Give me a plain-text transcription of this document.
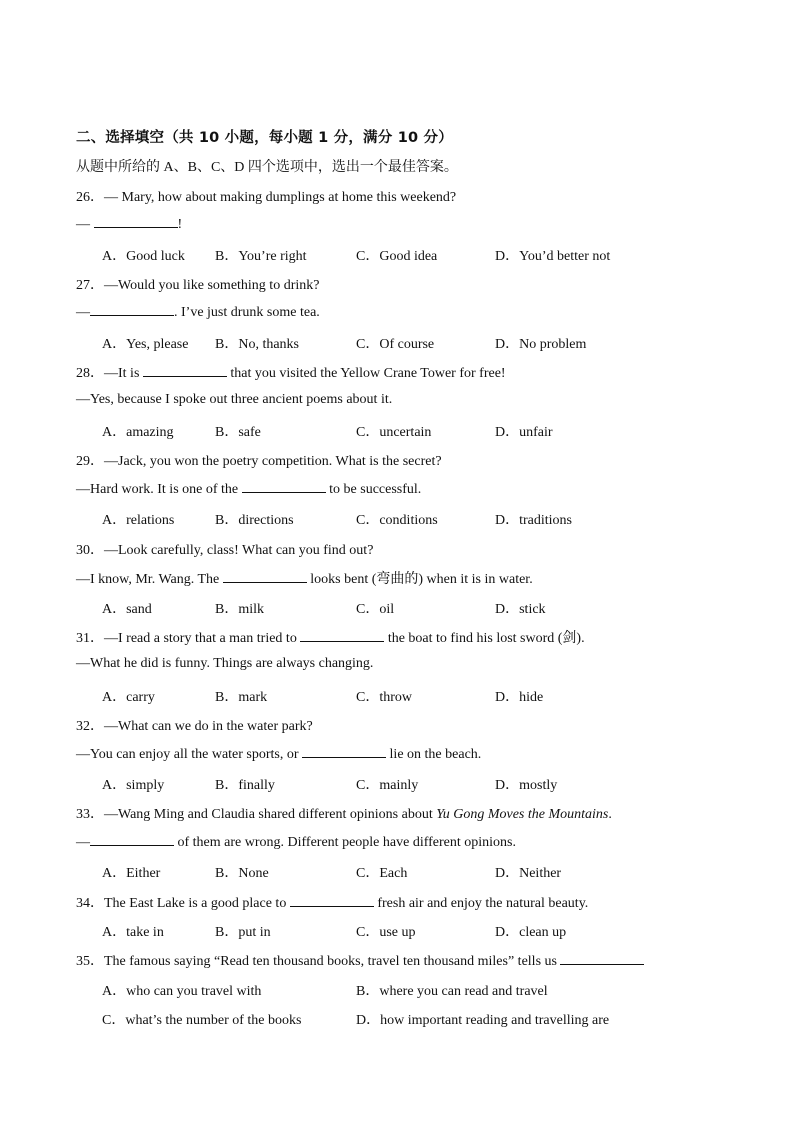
二、选择填空（共 10 小题，每小题 1 分，满分 10 分）
从题中所给的 A、B、C、D 四个选项中，选出一个最佳答案。
26．— Mary, how about making dumplings at home this weekend?
—	!
A．Good luck B．You’re right	C．Good idea	D．You’d better not
27．—Would you like something to drink?
—	. I’ve just drunk some tea.
A．Yes, please B．No, thanks	C．Of course	D．No problem
28．—It is	that you visited the Yellow Crane Tower for free!
—Yes, because I spoke out three ancient poems about it.
A．amazing	B．safe	C．uncertain	D．unfair
29．—Jack, you won the poetry competition. What is the secret?
—Hard work. It is one of the	to be successful.
A．relations	B．directions	C．conditions	D．traditions
30．—Look carefully, class! What can you find out?
—I know, Mr. Wang. The	looks bent (弯曲的) when it is in water.
A．sand	B．milk	C．oil	D．stick
31．—I read a story that a man tried to	the boat to find his lost sword (剑).
—What he did is funny. Things are always changing.
A．carry	B．mark	C．throw	D．hide
32．—What can we do in the water park?
—You can enjoy all the water sports, or	lie on the beach.
A．simply	B．finally	C．mainly	D．mostly
33．—Wang Ming and Claudia shared different opinions about Yu Gong Moves the Mountains.
—	of them are wrong. Different people have different opinions.
A．Either	B．None	C．Each	D．Neither
34．The East Lake is a good place to	fresh air and enjoy the natural beauty.
A．take in	B．put in	C．use up	D．clean up
35．The famous saying “Read ten thousand books, travel ten thousand miles” tells us
A．who can you travel with	B．where you can read and travel
C．what’s the number of the books	D．how important reading and travelling are
